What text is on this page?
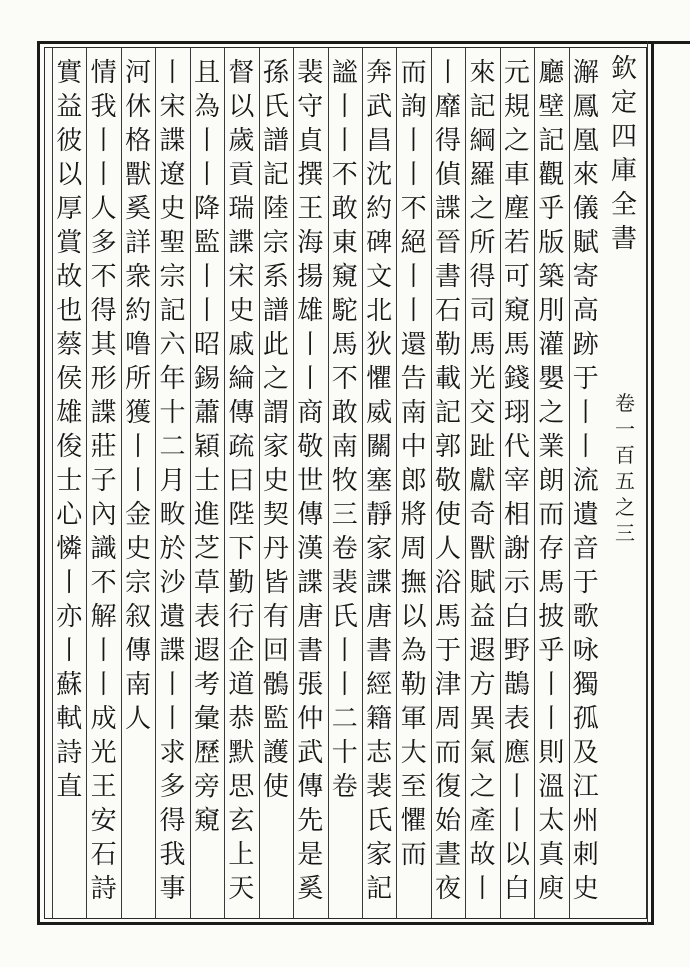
欽定四庫全書
卷一百五之三
澥
鳳
凰
來
儀
賦
寄
高
跡
于
丨
丨
流
遺
音
于
歌
咏
獨
孤
及
江
州
刺
史
廳
壁
記
觀
乎
版
築
刖
灌
嬰
之
業
朗
而
存
馬
披
乎
丨
丨
則
溫
太
真
庾
元
規
之
車
塵
若
可
窺
馬
錢
珝
代
宰
相
謝
示
白
野
鵲
表
應
丨
丨
以
白
來
記
綱
羅
之
所
得
司
馬
光
交
趾
獻
奇
獸
賦
益
遐
方
異
氣
之
產
故
丨
丨
靡
得
偵
諜
晉
書
石
勒
載
記
郭
敬
使
人
浴
馬
于
津
周
而
復
始
晝
夜
而
詢
丨
丨
不
絕
丨
丨
還
告
南
中
郎
將
周
撫
以
為
勒
軍
大
至
懼
而
奔
武
昌
沈
約
碑
文
北
狄
懼
威
關
塞
靜
家
諜
唐
書
經
籍
志
裴
氏
家
記
謐
丨
丨
不
敢
東
窺
駝
馬
不
敢
南
牧
三
卷
裴
氏
丨
丨
二
十
卷
裴
守
貞
撰
王
海
揚
雄
丨
丨
商
敬
世
傳
漢
諜
唐
書
張
仲
武
傳
先
是
奚
孫
氏
譜
記
陸
宗
系
譜
此
之
謂
家
史
契
丹
皆
有
回
鶻
監
護
使
督
以
歲
貢
瑞
諜
宋
史
戚
綸
傳
疏
曰
陛
下
勤
行
企
道
恭
默
思
玄
上
天
且
為
丨
丨
降
監
丨
丨
昭
錫
蕭
穎
士
進
芝
草
表
遐
考
彙
歷
旁
窺
丨
宋
諜
遼
史
聖
宗
記
六
年
十
二
月
畋
於
沙
遺
諜
丨
丨
求
多
得
我
事
河
休
格
獸
奚
詳
衆
約
噜
所
獲
丨
丨
金
史
宗
叙
傳
南
人
情
我
丨
丨
人
多
不
得
其
形
諜
莊
子
內
識
不
解
丨
丨
成
光
王
安
石
詩
實
益
彼
以
厚
賞
故
也
蔡
侯
雄
俊
士
心
憐
丨
亦
丨
蘇
軾
詩
直
